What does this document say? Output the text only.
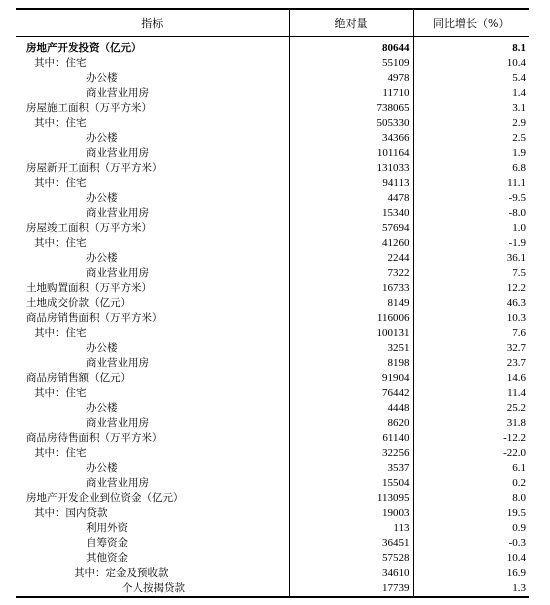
指标	绝对量	同比增长（%）
房地产开发投资（亿元）	80644	8.1
其中：住宅	55109	10.4
办公楼	4978	5.4
商业营业用房	11710	1.4
房屋施工面积（万平方米）	738065	3.1
其中：住宅	505330	2.9
办公楼	34366	2.5
商业营业用房	101164	1.9
房屋新开工面积（万平方米）	131033	6.8
其中：住宅	94113	11.1
办公楼	4478	-9.5
商业营业用房	15340	-8.0
房屋竣工面积（万平方米）	57694	1.0
其中：住宅	41260	-1.9
办公楼	2244	36.1
商业营业用房	7322	7.5
土地购置面积（万平方米）	16733	12.2
土地成交价款（亿元）	8149	46.3
商品房销售面积（万平方米）	116006	10.3
其中：住宅	100131	7.6
办公楼	3251	32.7
商业营业用房	8198	23.7
商品房销售额（亿元）	91904	14.6
其中：住宅	76442	11.4
办公楼	4448	25.2
商业营业用房	8620	31.8
商品房待售面积（万平方米）	61140	-12.2
其中：住宅	32256	-22.0
办公楼	3537	6.1
商业营业用房	15504	0.2
房地产开发企业到位资金（亿元）	113095	8.0
其中：国内贷款	19003	19.5
利用外资	113	0.9
自筹资金	36451	-0.3
其他资金	57528	10.4
其中：定金及预收款	34610	16.9
个人按揭贷款	17739	1.3
